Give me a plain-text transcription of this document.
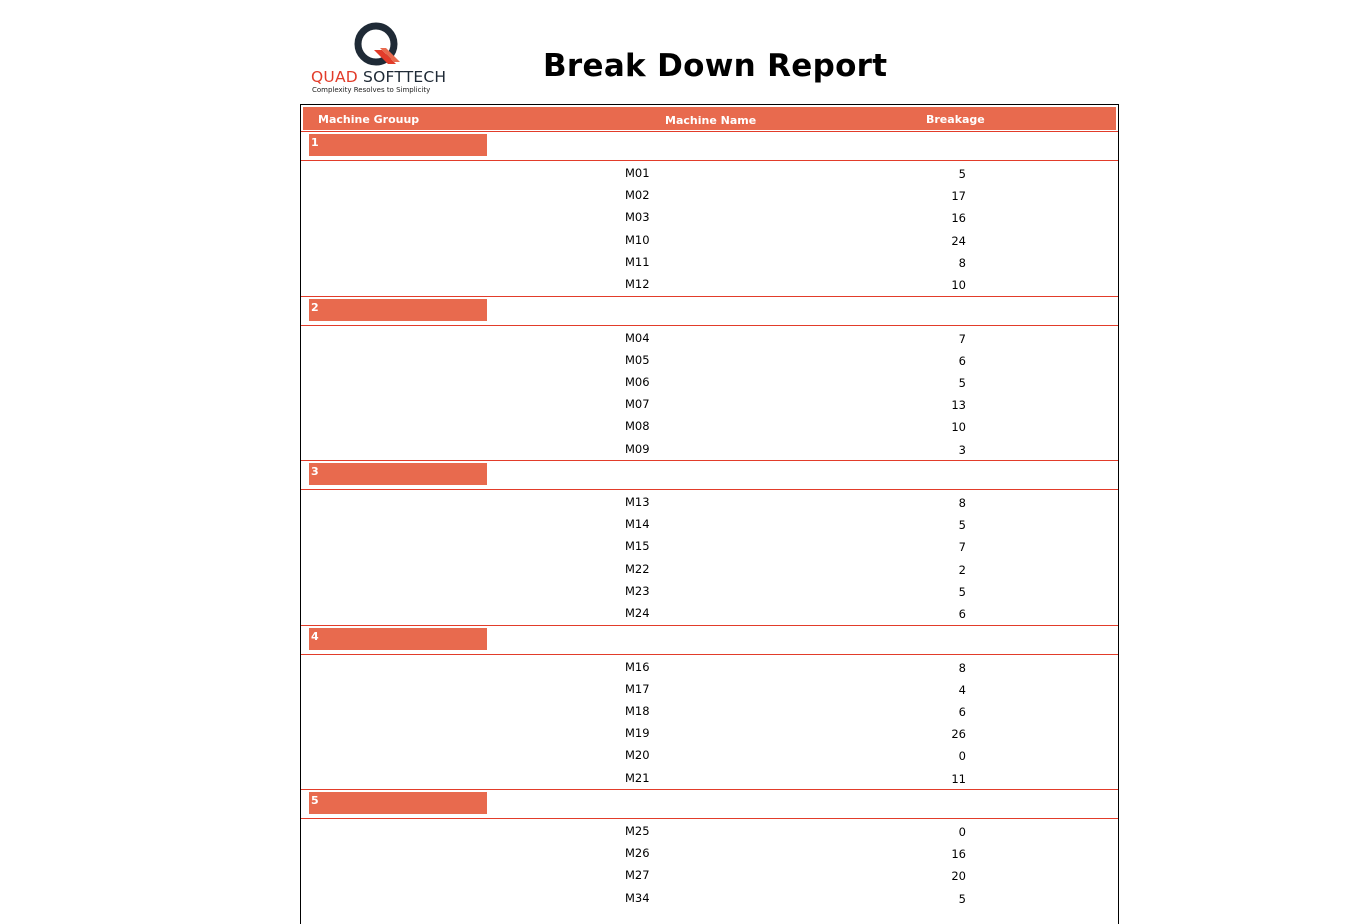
QUAD SOFTTECH
Complexity Resolves to Simplicity
Break Down Report
Machine Grouup	Machine Name	Breakage
1
M01	5
M02	17
M03	16
M10	24
M11	8
M12	10
2
M04	7
M05	6
M06	5
M07	13
M08	10
M09	3
3
M13	8
M14	5
M15	7
M22	2
M23	5
M24	6
4
M16	8
M17	4
M18	6
M19	26
M20	0
M21	11
5
M25	0
M26	16
M27	20
M34	5
